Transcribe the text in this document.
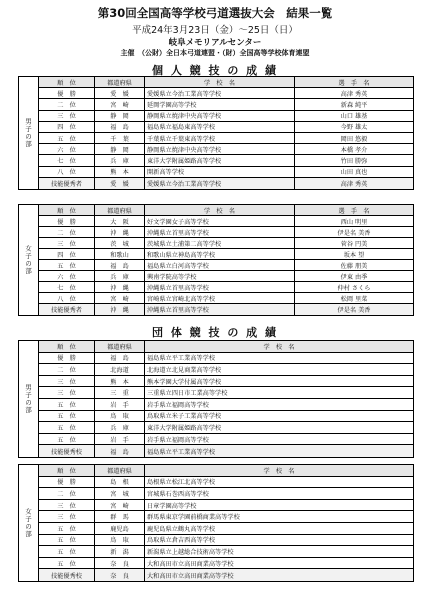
第30回全国高等学校弓道選抜大会　結果一覧
平成24年3月23日（金）～25日（日）
岐阜メモリアルセンター
主催　（公財）全日本弓道連盟・（財）全国高等学校体育連盟
個 人 競 技 の 成 績
男子の部
順　位	都道府県	学　校　名	選　手　名
優　勝	愛　媛	愛媛県立今治工業高等学校	高津 秀英
二　位	宮　崎	延岡学園高等学校	新森 純平
三　位	静　岡	静岡県立焼津中央高等学校	山口 雄基
四　位	福　島	福島県立福島東高等学校	今野 雄太
五　位	千　葉	千葉県立千葉東高等学校	岡田 悠毅
六　位	静　岡	静岡県立焼津中央高等学校	本橋 孝介
七　位	兵　庫	東洋大学附属姫路高等学校	竹田 勝弥
八　位	熊　本	開新高等学校	山田 真也
技能優秀者	愛　媛	愛媛県立今治工業高等学校	高津 秀英
女子の部
順　位	都道府県	学　校　名	選　手　名
優　勝	大　阪	好文学園女子高等学校	西山 明里
二　位	沖　縄	沖縄県立首里高等学校	伊是名 美香
三　位	茨　城	茨城県立土浦第二高等学校	菅谷 円美
四　位	和歌山	和歌山県立神島高等学校	坂本 望
五　位	福　島	福島県立白河高等学校	佐藤 朋美
六　位	兵　庫	興南学院高等学校	伊東 由季
七　位	沖　縄	沖縄県立首里高等学校	仲村 さくら
八　位	宮　崎	宮崎県立宮崎北高等学校	松岡 里菜
技能優秀者	沖　縄	沖縄県立首里高等学校	伊是名 美香
団 体 競 技 の 成 績
男子の部
順　位	都道府県	学　校　名
優　勝	福　島	福島県立平工業高等学校
二　位	北海道	北海道立北見商業高等学校
三　位	熊　本	熊本学園大学付属高等学校
三　位	三　重	三重県立四日市工業高等学校
五　位	岩　手	岩手県立福岡高等学校
五　位	鳥　取	鳥取県立米子工業高等学校
五　位	兵　庫	東洋大学附属姫路高等学校
五　位	岩　手	岩手県立福岡高等学校
技能優秀校	福　島	福島県立平工業高等学校
女子の部
順　位	都道府県	学　校　名
優　勝	島　根	島根県立松江北高等学校
二　位	宮　城	宮城県石巻西高等学校
三　位	宮　崎	日章学園高等学校
三　位	群　馬	群馬県東京学園前橋商業高等学校
五　位	鹿児島	鹿児島県立鶴丸高等学校
五　位	鳥　取	鳥取県立倉吉西高等学校
五　位	新　潟	新潟県立上越総合技術高等学校
五　位	奈　良	大和高田市立高田商業高等学校
技能優秀校	奈　良	大和高田市立高田商業高等学校
